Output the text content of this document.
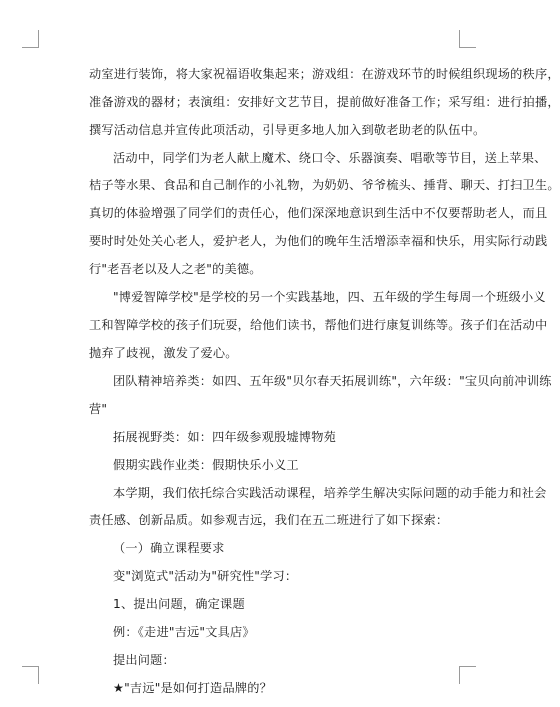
动室进行装饰，将大家祝福语收集起来；游戏组：在游戏环节的时候组织现场的秩序，
准备游戏的器材；表演组：安排好文艺节目，提前做好准备工作；采写组：进行拍播，
撰写活动信息并宣传此项活动，引导更多地人加入到敬老助老的队伍中。
活动中，同学们为老人献上魔术、绕口令、乐器演奏、唱歌等节目，送上苹果、
桔子等水果、食品和自己制作的小礼物，为奶奶、爷爷梳头、捶背、聊天、打扫卫生。
真切的体验增强了同学们的责任心，他们深深地意识到生活中不仅要帮助老人，而且
要时时处处关心老人，爱护老人，为他们的晚年生活增添幸福和快乐，用实际行动践
行"老吾老以及人之老"的美德。
"博爱智障学校"是学校的另一个实践基地，四、五年级的学生每周一个班级小义
工和智障学校的孩子们玩耍，给他们读书，帮他们进行康复训练等。孩子们在活动中
抛弃了歧视，激发了爱心。
团队精神培养类：如四、五年级"贝尔春天拓展训练"，六年级："宝贝向前冲训练
营"
拓展视野类：如：四年级参观殷墟博物苑
假期实践作业类：假期快乐小义工
本学期，我们依托综合实践活动课程，培养学生解决实际问题的动手能力和社会
责任感、创新品质。如参观吉远，我们在五二班进行了如下探索：
（一）确立课程要求
变"浏览式"活动为"研究性"学习：
1、提出问题，确定课题
例：《走进"吉远"文具店》
提出问题：
★"吉远"是如何打造品牌的？
